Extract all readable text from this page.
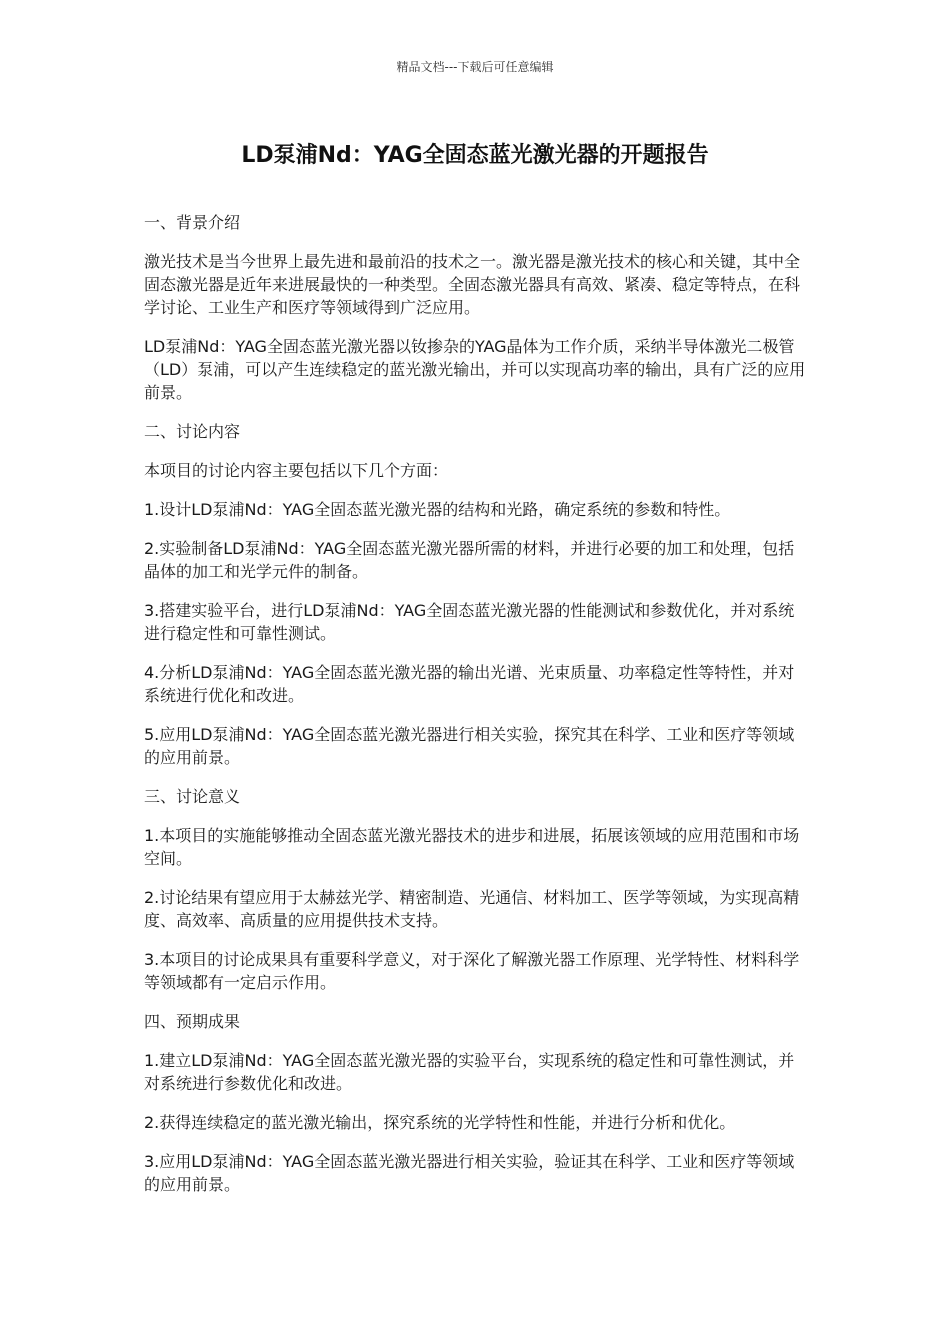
精品文档---下载后可任意编辑
LD泵浦Nd：YAG全固态蓝光激光器的开题报告

一、背景介绍

激光技术是当今世界上最先进和最前沿的技术之一。激光器是激光技术的核心和关键，其中全固态激光器是近年来进展最快的一种类型。全固态激光器具有高效、紧凑、稳定等特点，在科学讨论、工业生产和医疗等领域得到广泛应用。

LD泵浦Nd：YAG全固态蓝光激光器以钕掺杂的YAG晶体为工作介质，采纳半导体激光二极管（LD）泵浦，可以产生连续稳定的蓝光激光输出，并可以实现高功率的输出，具有广泛的应用前景。

二、讨论内容

本项目的讨论内容主要包括以下几个方面：

1.设计LD泵浦Nd：YAG全固态蓝光激光器的结构和光路，确定系统的参数和特性。

2.实验制备LD泵浦Nd：YAG全固态蓝光激光器所需的材料，并进行必要的加工和处理，包括晶体的加工和光学元件的制备。

3.搭建实验平台，进行LD泵浦Nd：YAG全固态蓝光激光器的性能测试和参数优化，并对系统进行稳定性和可靠性测试。

4.分析LD泵浦Nd：YAG全固态蓝光激光器的输出光谱、光束质量、功率稳定性等特性，并对系统进行优化和改进。

5.应用LD泵浦Nd：YAG全固态蓝光激光器进行相关实验，探究其在科学、工业和医疗等领域的应用前景。

三、讨论意义

1.本项目的实施能够推动全固态蓝光激光器技术的进步和进展，拓展该领域的应用范围和市场空间。

2.讨论结果有望应用于太赫兹光学、精密制造、光通信、材料加工、医学等领域，为实现高精度、高效率、高质量的应用提供技术支持。

3.本项目的讨论成果具有重要科学意义，对于深化了解激光器工作原理、光学特性、材料科学等领域都有一定启示作用。

四、预期成果

1.建立LD泵浦Nd：YAG全固态蓝光激光器的实验平台，实现系统的稳定性和可靠性测试，并对系统进行参数优化和改进。

2.获得连续稳定的蓝光激光输出，探究系统的光学特性和性能，并进行分析和优化。

3.应用LD泵浦Nd：YAG全固态蓝光激光器进行相关实验，验证其在科学、工业和医疗等领域的应用前景。
